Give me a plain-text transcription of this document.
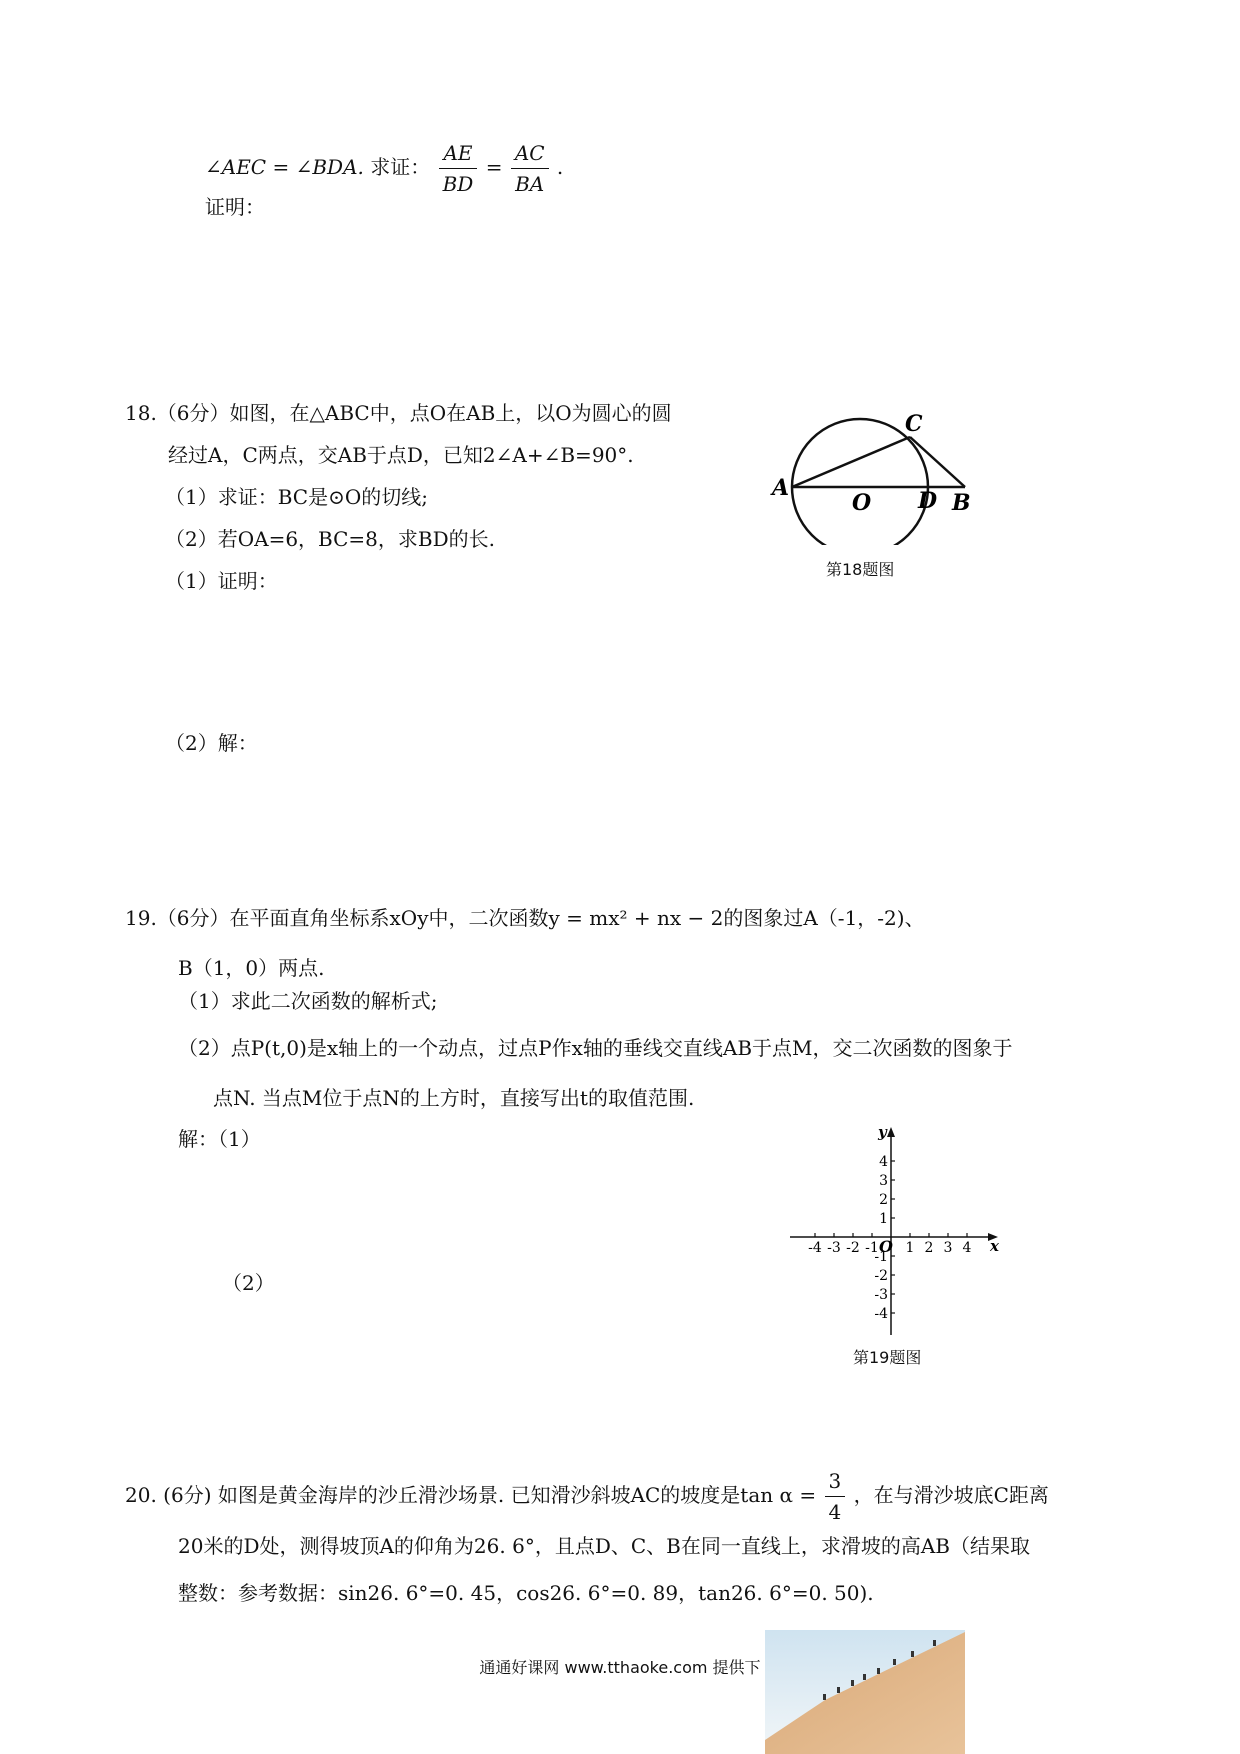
∠AEC = ∠BDA. 求证： $\frac{AE}{BD} = \frac{AC}{BA}$ .
证明：
18.（6分）如图，在△ABC中，点O在AB上，以O为圆心的圆
经过A，C两点，交AB于点D，已知2∠A+∠B=90°.
（1）求证：BC是⊙O的切线;
（2）若OA=6，BC=8，求BD的长.
（1）证明：
（2）解：
A
O D B
C
第18题图
19.（6分）在平面直角坐标系xOy中，二次函数y = mx² + nx − 2的图象过A（-1，-2)、
B（1，0）两点.
（1）求此二次函数的解析式;
（2）点P(t,0)是x轴上的一个动点，过点P作x轴的垂线交直线AB于点M，交二次函数的图象于
点N. 当点M位于点N的上方时，直接写出t的取值范围.
解：（1）
（2）
-4 -3 -2 -1 1 2 3 4
4
3
2
1
-1
-2
-3
-4
x
y
O
第19题图
20. (6分) 如图是黄金海岸的沙丘滑沙场景. 已知滑沙斜坡AC的坡度是$\tan \alpha = \frac{3}{4}$ ，在与滑沙坡底C距离
20米的D处，测得坡顶A的仰角为26. 6°，且点D、C、B在同一直线上，求滑坡的高AB（结果取
整数：参考数据：sin26. 6°=0. 45，cos26. 6°=0. 89，tan26. 6°=0. 50).
通通好课网 www.tthaoke.com 提供下
